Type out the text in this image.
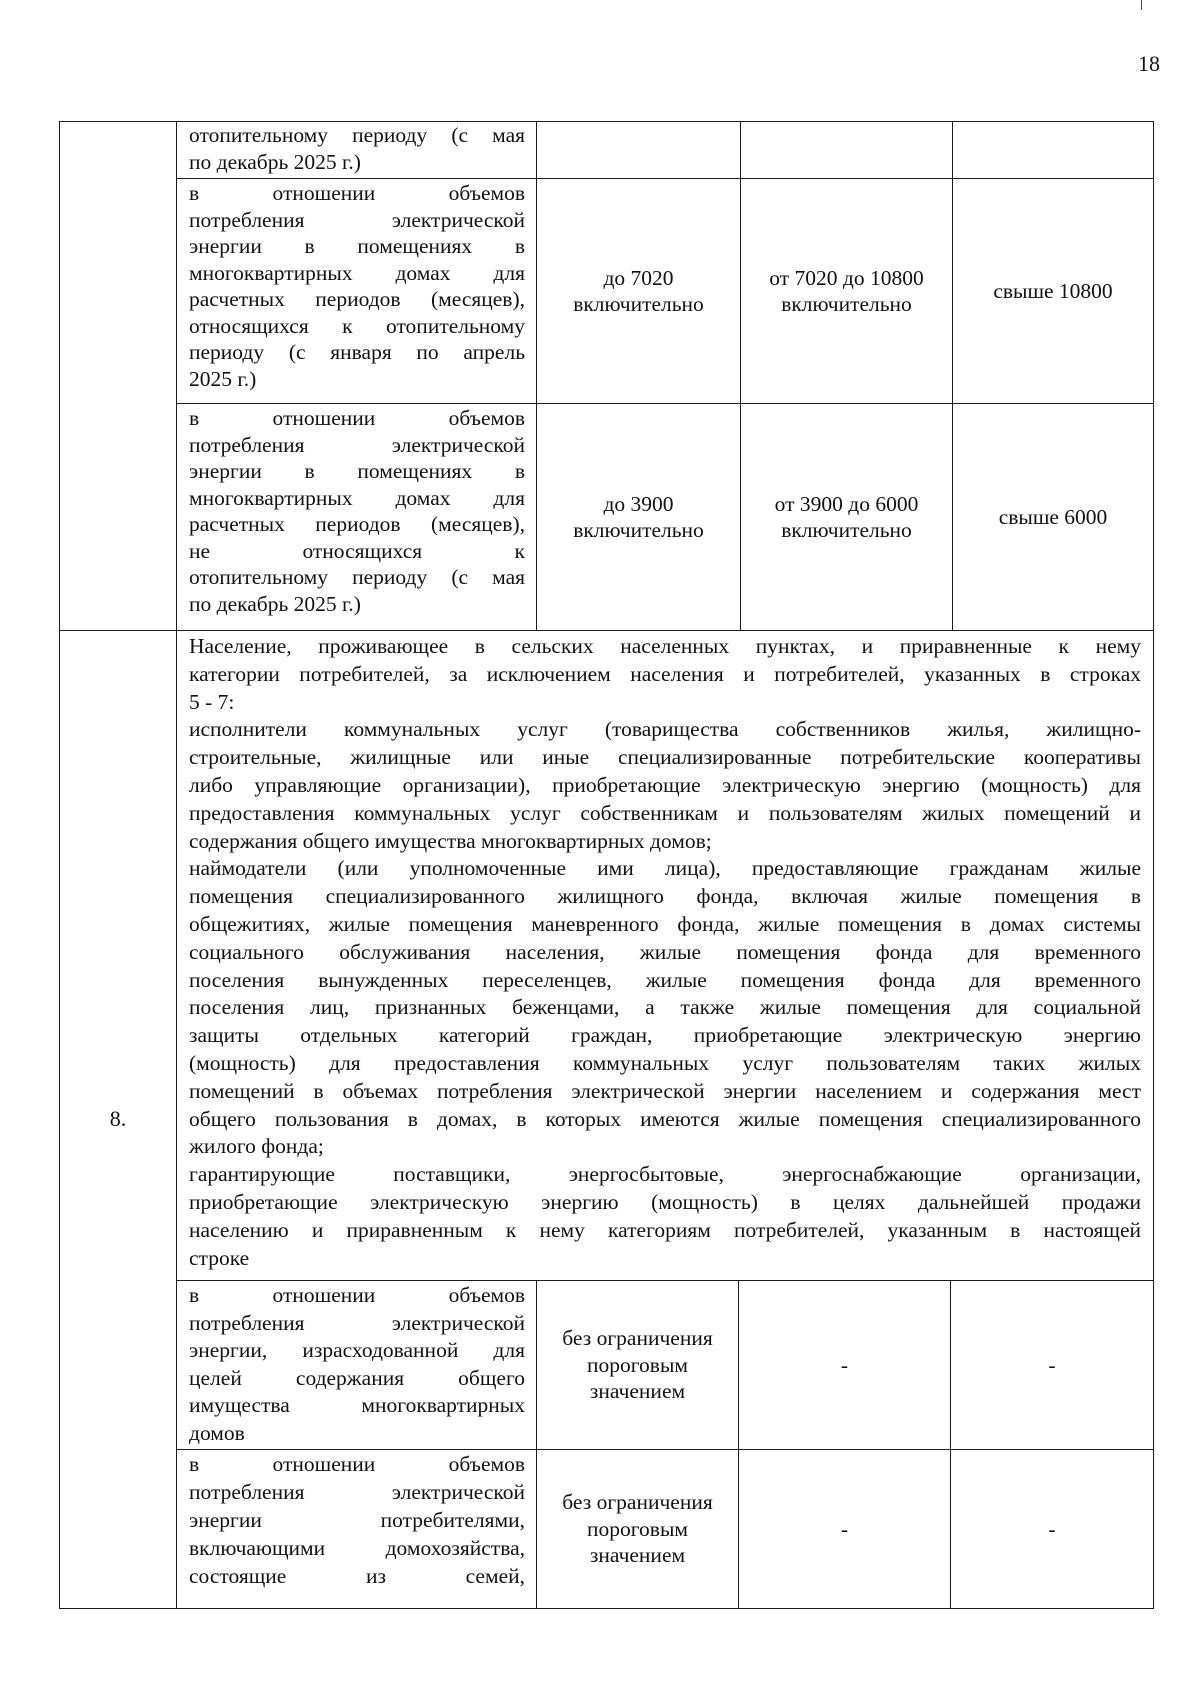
18
отопительному периоду (с мая
по декабрь 2025 г.)
в отношении объемов
потребления электрической
энергии в помещениях в
многоквартирных домах для
расчетных периодов (месяцев),
относящихся к отопительному
периоду (с января по апрель
2025 г.)
до 7020
включительно
от 7020 до 10800
включительно
свыше 10800
в отношении объемов
потребления электрической
энергии в помещениях в
многоквартирных домах для
расчетных периодов (месяцев),
не относящихся к
отопительному периоду (с мая
по декабрь 2025 г.)
до 3900
включительно
от 3900 до 6000
включительно
свыше 6000
8.
Население, проживающее в сельских населенных пунктах, и приравненные к нему
категории потребителей, за исключением населения и потребителей, указанных в строках
5 - 7:
исполнители коммунальных услуг (товарищества собственников жилья, жилищно-
строительные, жилищные или иные специализированные потребительские кооперативы
либо управляющие организации), приобретающие электрическую энергию (мощность) для
предоставления коммунальных услуг собственникам и пользователям жилых помещений и
содержания общего имущества многоквартирных домов;
наймодатели (или уполномоченные ими лица), предоставляющие гражданам жилые
помещения специализированного жилищного фонда, включая жилые помещения в
общежитиях, жилые помещения маневренного фонда, жилые помещения в домах системы
социального обслуживания населения, жилые помещения фонда для временного
поселения вынужденных переселенцев, жилые помещения фонда для временного
поселения лиц, признанных беженцами, а также жилые помещения для социальной
защиты отдельных категорий граждан, приобретающие электрическую энергию
(мощность) для предоставления коммунальных услуг пользователям таких жилых
помещений в объемах потребления электрической энергии населением и содержания мест
общего пользования в домах, в которых имеются жилые помещения специализированного
жилого фонда;
гарантирующие поставщики, энергосбытовые, энергоснабжающие организации,
приобретающие электрическую энергию (мощность) в целях дальнейшей продажи
населению и приравненным к нему категориям потребителей, указанным в настоящей
строке
в отношении объемов
потребления электрической
энергии, израсходованной для
целей содержания общего
имущества многоквартирных
домов
без ограничения
пороговым
значением
-	-
в отношении объемов
потребления электрической
энергии потребителями,
включающими домохозяйства,
состоящие из семей,
без ограничения
пороговым
значением
-	-
